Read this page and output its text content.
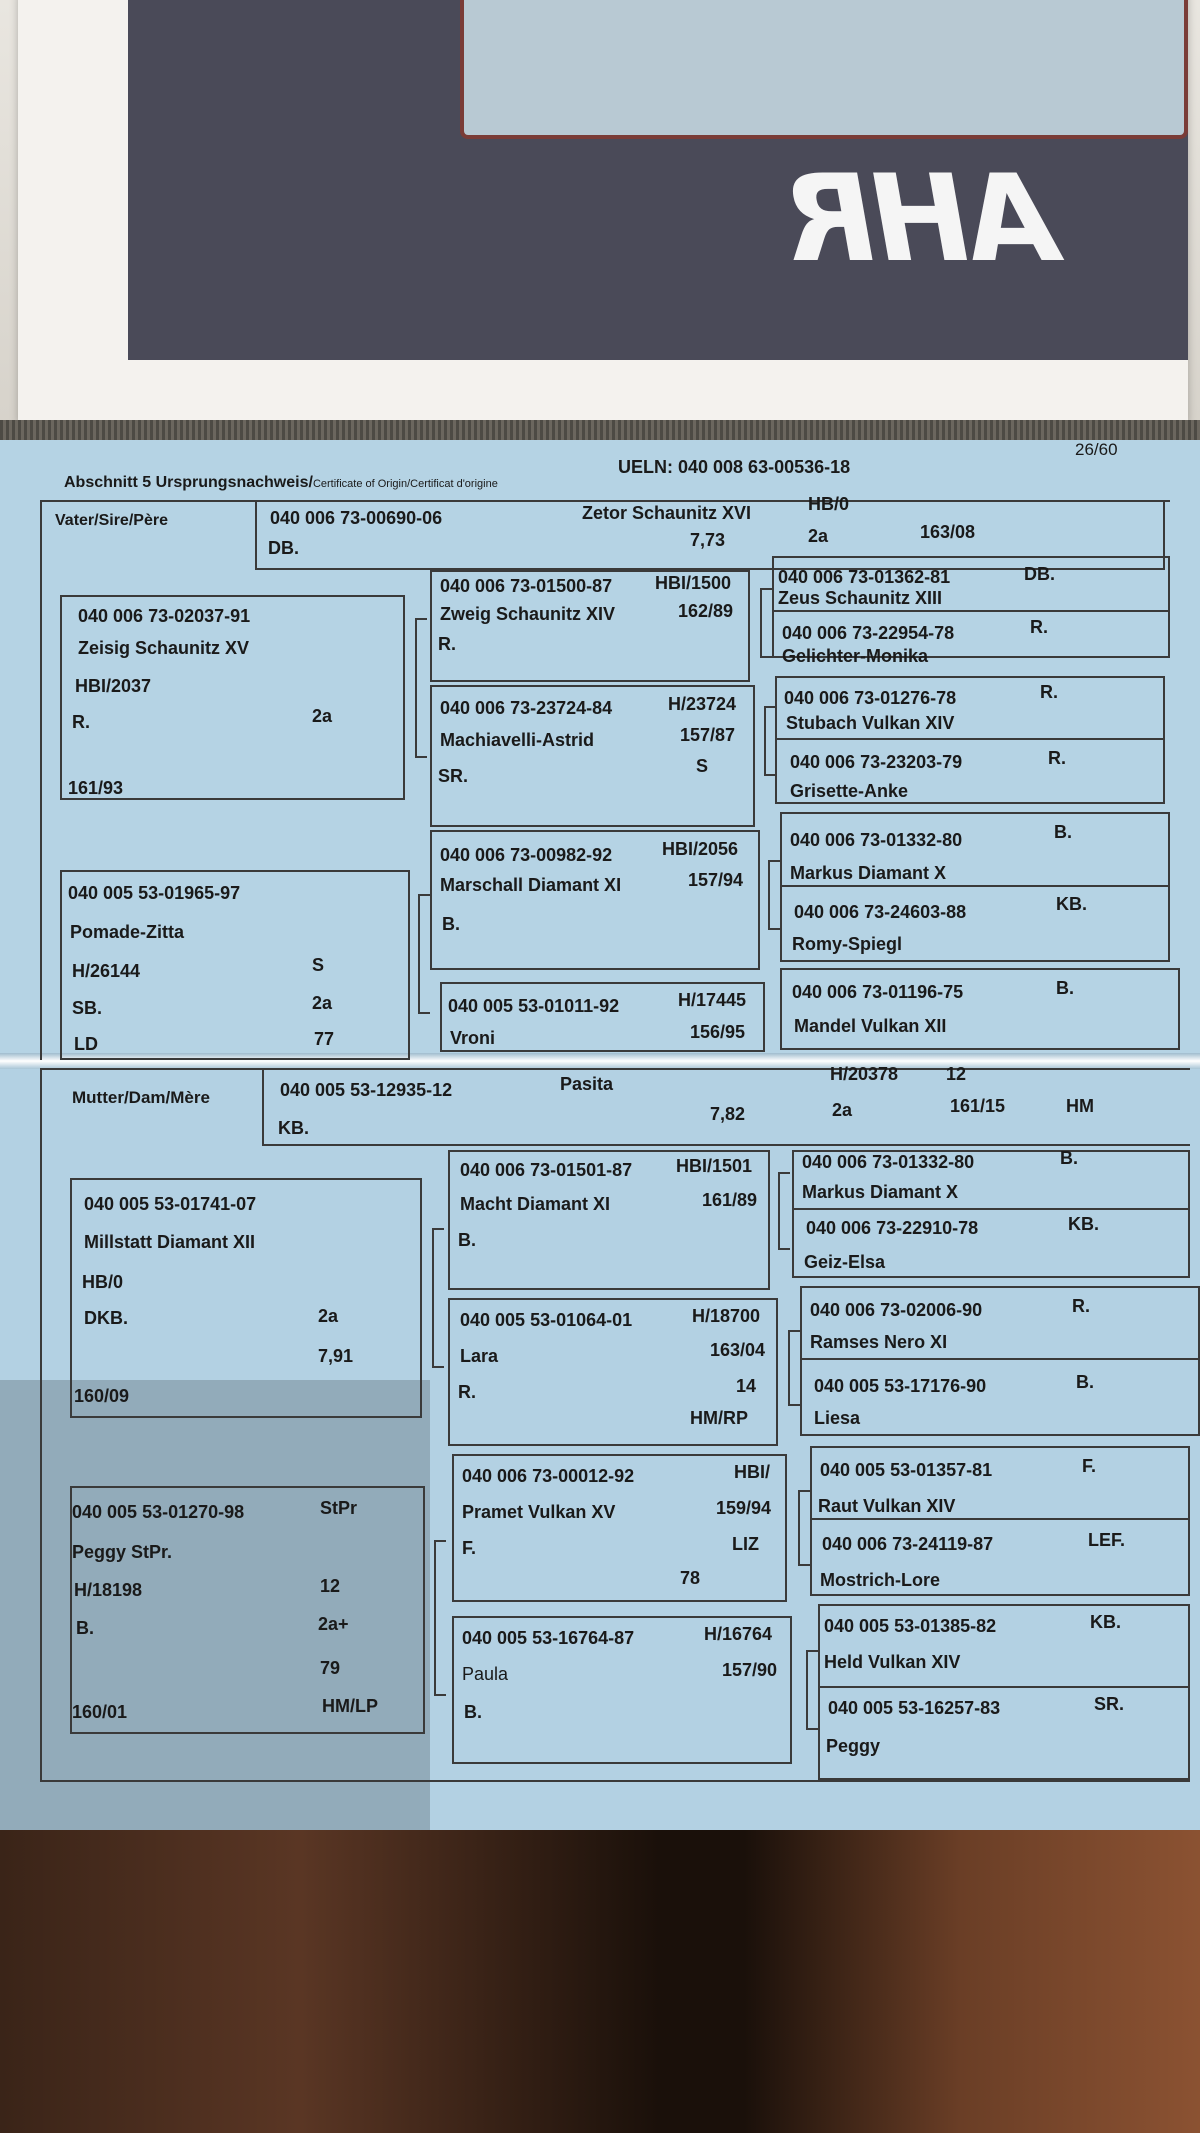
AHR
26/60
Abschnitt 5 Ursprungsnachweis/Certificate of Origin/Certificat d'origine
UELN: 040 008 63-00536-18
Vater/Sire/Père	040 006 73-00690-06	Zetor Schaunitz XVI	HB/0
DB.	7,73	2a	163/08
040 006 73-02037-91
Zeisig Schaunitz XV
HBI/2037
R.	2a
161/93
040 006 73-01500-87 HBI/1500
Zweig Schaunitz XIV	162/89
R.
040 006 73-01362-81	DB.
Zeus Schaunitz XIII
040 006 73-22954-78	R.
Gelichter-Monika
040 006 73-23724-84	H/23724
Machiavelli-Astrid	157/87
S
SR.
040 006 73-01276-78	R.
Stubach Vulkan XIV
040 006 73-23203-79	R.
Grisette-Anke
040 005 53-01965-97
Pomade-Zitta
H/26144	S
SB.	2a
LD	77
040 006 73-00982-92	HBI/2056
Marschall Diamant XI	157/94
B.
040 006 73-01332-80	B.
Markus Diamant X
040 006 73-24603-88	KB.
Romy-Spiegl
040 005 53-01011-92	H/17445
Vroni	156/95
040 006 73-01196-75	B.
Mandel Vulkan XII
Mutter/Dam/Mère	040 005 53-12935-12	Pasita	H/20378	12
KB.
7,82	2a	161/15	HM
040 005 53-01741-07
Millstatt Diamant XII
HB/0
DKB.	2a
7,91
160/09
040 006 73-01501-87 HBI/1501
Macht Diamant XI	161/89
B.
040 006 73-01332-80	B.
Markus Diamant X
040 006 73-22910-78	KB.
Geiz-Elsa
040 005 53-01064-01	H/18700
Lara	163/04
R.	14
HM/RP
040 006 73-02006-90	R.
Ramses Nero XI
040 005 53-17176-90	B.
Liesa
040 005 53-01270-98	StPr
Peggy StPr.
H/18198	12
B.	2a+
79
160/01	HM/LP
040 006 73-00012-92	HBI/
Pramet Vulkan XV	159/94
F.	LIZ
78
040 005 53-01357-81	F.
Raut Vulkan XIV
040 006 73-24119-87	LEF.
Mostrich-Lore
040 005 53-16764-87	H/16764
Paula	157/90
B.
040 005 53-01385-82	KB.
Held Vulkan XIV
040 005 53-16257-83	SR.
Peggy
